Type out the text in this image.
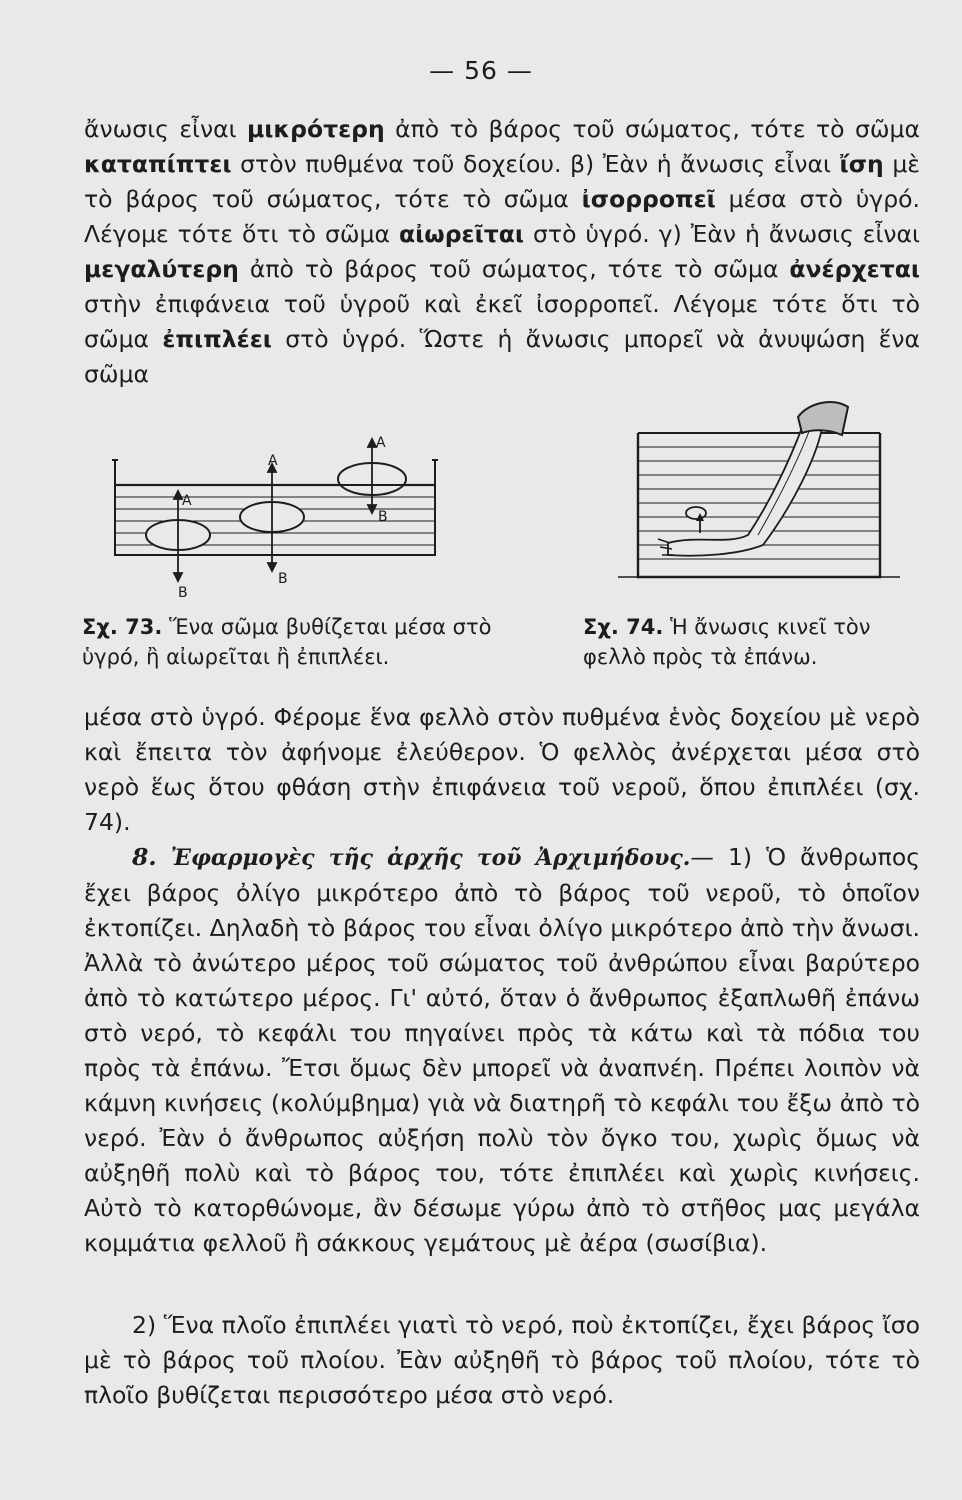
— 56 —

ἄνωσις εἶναι μικρότερη ἀπὸ τὸ βάρος τοῦ σώματος, τότε τὸ σῶμα καταπίπτει στὸν πυθμένα τοῦ δοχείου. β) Ἐὰν ἡ ἄνωσις εἶναι ἴση μὲ τὸ βάρος τοῦ σώματος, τότε τὸ σῶμα ἰσορροπεῖ μέσα στὸ ὑγρό. Λέγομε τότε ὅτι τὸ σῶμα αἰωρεῖται στὸ ὑγρό. γ) Ἐὰν ἡ ἄνωσις εἶναι μεγαλύτερη ἀπὸ τὸ βάρος τοῦ σώματος, τότε τὸ σῶμα ἀνέρχεται στὴν ἐπιφάνεια τοῦ ὑγροῦ καὶ ἐκεῖ ἰσορροπεῖ. Λέγομε τότε ὅτι τὸ σῶμα ἐπιπλέει στὸ ὑγρό. Ὥστε ἡ ἄνωσις μπορεῖ νὰ ἀνυψώση ἕνα σῶμα

A
B
A
B
A
B

Σχ. 73. Ἕνα σῶμα βυθίζεται μέσα στὸ ὑγρό, ἢ αἰωρεῖται ἢ ἐπιπλέει.

Σχ. 74. Ἡ ἄνωσις κινεῖ τὸν φελλὸ πρὸς τὰ ἐπάνω.

μέσα στὸ ὑγρό. Φέρομε ἕνα φελλὸ στὸν πυθμένα ἑνὸς δοχείου μὲ νερὸ καὶ ἔπειτα τὸν ἀφήνομε ἐλεύθερον. Ὁ φελλὸς ἀνέρχεται μέσα στὸ νερὸ ἕως ὅτου φθάση στὴν ἐπιφάνεια τοῦ νεροῦ, ὅπου ἐπιπλέει (σχ. 74).

8. Ἐφαρμογὲς τῆς ἀρχῆς τοῦ Ἀρχιμήδους.— 1) Ὁ ἄνθρωπος ἔχει βάρος ὀλίγο μικρότερο ἀπὸ τὸ βάρος τοῦ νεροῦ, τὸ ὁποῖον ἐκτοπίζει. Δηλαδὴ τὸ βάρος του εἶναι ὀλίγο μικρότερο ἀπὸ τὴν ἄνωσι. Ἀλλὰ τὸ ἀνώτερο μέρος τοῦ σώματος τοῦ ἀνθρώπου εἶναι βαρύτερο ἀπὸ τὸ κατώτερο μέρος. Γι' αὐτό, ὅταν ὁ ἄνθρωπος ἐξαπλωθῆ ἐπάνω στὸ νερό, τὸ κεφάλι του πηγαίνει πρὸς τὰ κάτω καὶ τὰ πόδια του πρὸς τὰ ἐπάνω. Ἔτσι ὅμως δὲν μπορεῖ νὰ ἀναπνέη. Πρέπει λοιπὸν νὰ κάμνη κινήσεις (κολύμβημα) γιὰ νὰ διατηρῆ τὸ κεφάλι του ἔξω ἀπὸ τὸ νερό. Ἐὰν ὁ ἄνθρωπος αὐξήση πολὺ τὸν ὄγκο του, χωρὶς ὅμως νὰ αὐξηθῆ πολὺ καὶ τὸ βάρος του, τότε ἐπιπλέει καὶ χωρὶς κινήσεις. Αὐτὸ τὸ κατορθώνομε, ἂν δέσωμε γύρω ἀπὸ τὸ στῆθος μας μεγάλα κομμάτια φελλοῦ ἢ σάκκους γεμάτους μὲ ἀέρα (σωσίβια).

2) Ἕνα πλοῖο ἐπιπλέει γιατὶ τὸ νερό, ποὺ ἐκτοπίζει, ἔχει βάρος ἴσο μὲ τὸ βάρος τοῦ πλοίου. Ἐὰν αὐξηθῆ τὸ βάρος τοῦ πλοίου, τότε τὸ πλοῖο βυθίζεται περισσότερο μέσα στὸ νερό.
